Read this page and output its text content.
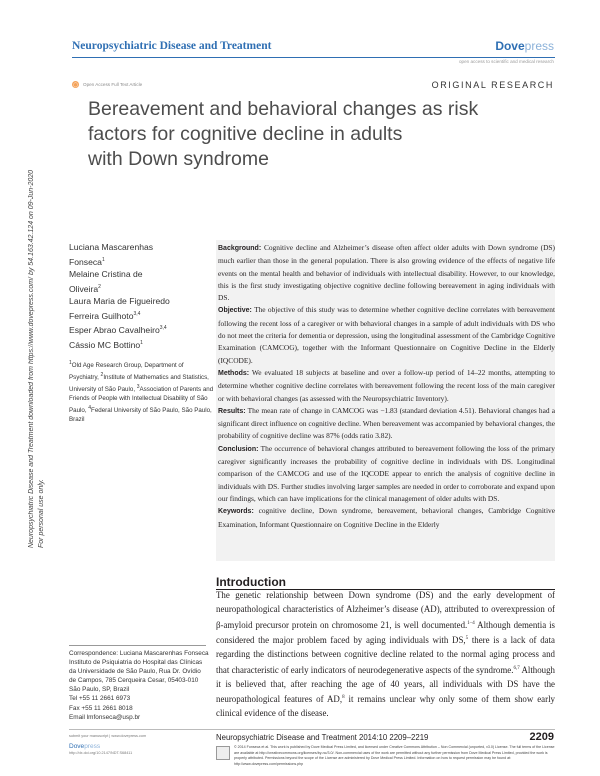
Neuropsychiatric Disease and Treatment	Dovepress
open access to scientific and medical research
◯ Open Access Full Text Article	ORIGINAL RESEARCH
Bereavement and behavioral changes as risk
factors for cognitive decline in adults
with Down syndrome
Neuropsychiatric Disease and Treatment downloaded from https://www.dovepress.com/ by 54.163.42.124 on 09-Jun-2020 For personal use only.
Luciana Mascarenhas
Fonseca$^1$
Melaine Cristina de
Oliveira$^2$
Laura Maria de Figueiredo
Ferreira Guilhoto$^{3,4}$
Esper Abrao Cavalheiro$^{3,4}$
Cássio MC Bottino$^1$
$^1$Old Age Research Group, Department of Psychiatry, $^2$Institute of Mathematics and Statistics, University of São Paulo, $^3$Association of Parents and Friends of People with Intellectual Disability of São Paulo, $^4$Federal University of São Paulo, São Paulo, Brazil

Background: Cognitive decline and Alzheimer’s disease often affect older adults with Down syndrome (DS) much earlier than those in the general population. There is also growing evidence of the effects of negative life events on the mental health and behavior of individuals with intellectual disability. However, to our knowledge, this is the first study investigating objective cognitive decline following bereavement in aging individuals with DS.

Objective: The objective of this study was to determine whether cognitive decline correlates with bereavement following the recent loss of a caregiver or with behavioral changes in a sample of adult individuals with DS who do not meet the criteria for dementia or depression, using the longitudinal assessment of the Cambridge Cognitive Examination (CAMCOG), together with the Informant Questionnaire on Cognitive Decline in the Elderly (IQCODE).

Methods: We evaluated 18 subjects at baseline and over a follow-up period of 14–22 months, attempting to determine whether cognitive decline correlates with bereavement following the recent loss of the main caregiver or with behavioral changes (as assessed with the Neuropsychiatric Inventory).

Results: The mean rate of change in CAMCOG was −1.83 (standard deviation 4.51). Behavioral changes had a significant direct influence on cognitive decline. When bereavement was accompanied by behavioral changes, the probability of cognitive decline was 87% (odds ratio 3.82).

Conclusion: The occurrence of behavioral changes attributed to bereavement following the loss of the primary caregiver significantly increases the probability of cognitive decline in individuals with DS. Longitudinal comparison of the CAMCOG and use of the IQCODE appear to enrich the analysis of cognitive decline in individuals with DS. Further studies involving larger samples are needed in order to corroborate and expand upon our findings, which can have implications for the clinical management of older adults with DS.

Keywords: cognitive decline, Down syndrome, bereavement, behavioral changes, Cambridge Cognitive Examination, Informant Questionnaire on Cognitive Decline in the Elderly

Introduction
The genetic relationship between Down syndrome (DS) and the early development of neuropathological characteristics of Alzheimer’s disease (AD), attributed to overexpression of β-amyloid precursor protein on chromosome 21, is well documented.$^{1-4}$ Although dementia is considered the major problem faced by aging individuals with DS,$^5$ there is a lack of data regarding the distinctions between cognitive decline related to the normal aging process and that characteristic of early indicators of neurodegenerative aspects of the syndrome.$^{6,7}$ Although it is believed that, after reaching the age of 40 years, all individuals with DS have the neuropathological features of AD,$^8$ it remains unclear why only some of them show early clinical evidence of the disease.
Correspondence: Luciana Mascarenhas Fonseca
Instituto de Psiquiatria do Hospital das Clínicas da Universidade de São Paulo, Rua Dr. Ovídio de Campos, 785 Cerqueira Cesar, 05403-010 São Paulo, SP, Brazil
Tel +55 11 2661 6973
Fax +55 11 2661 8018
Email lmfonseca@usp.br
submit your manuscript | www.dovepress.com
Dovepress
http://dx.doi.org/10.2147/NDT.S68411
Neuropsychiatric Disease and Treatment 2014:10 2209–2219	2209
© 2014 Fonseca et al. This work is published by Dove Medical Press Limited, and licensed under Creative Commons Attribution – Non Commercial (unported, v3.0) License. The full terms of the License are available at http://creativecommons.org/licenses/by-nc/3.0/. Non-commercial uses of the work are permitted without any further permission from Dove Medical Press Limited, provided the work is properly attributed. Permissions beyond the scope of the License are administered by Dove Medical Press Limited. Information on how to request permission may be found at: http://www.dovepress.com/permissions.php
